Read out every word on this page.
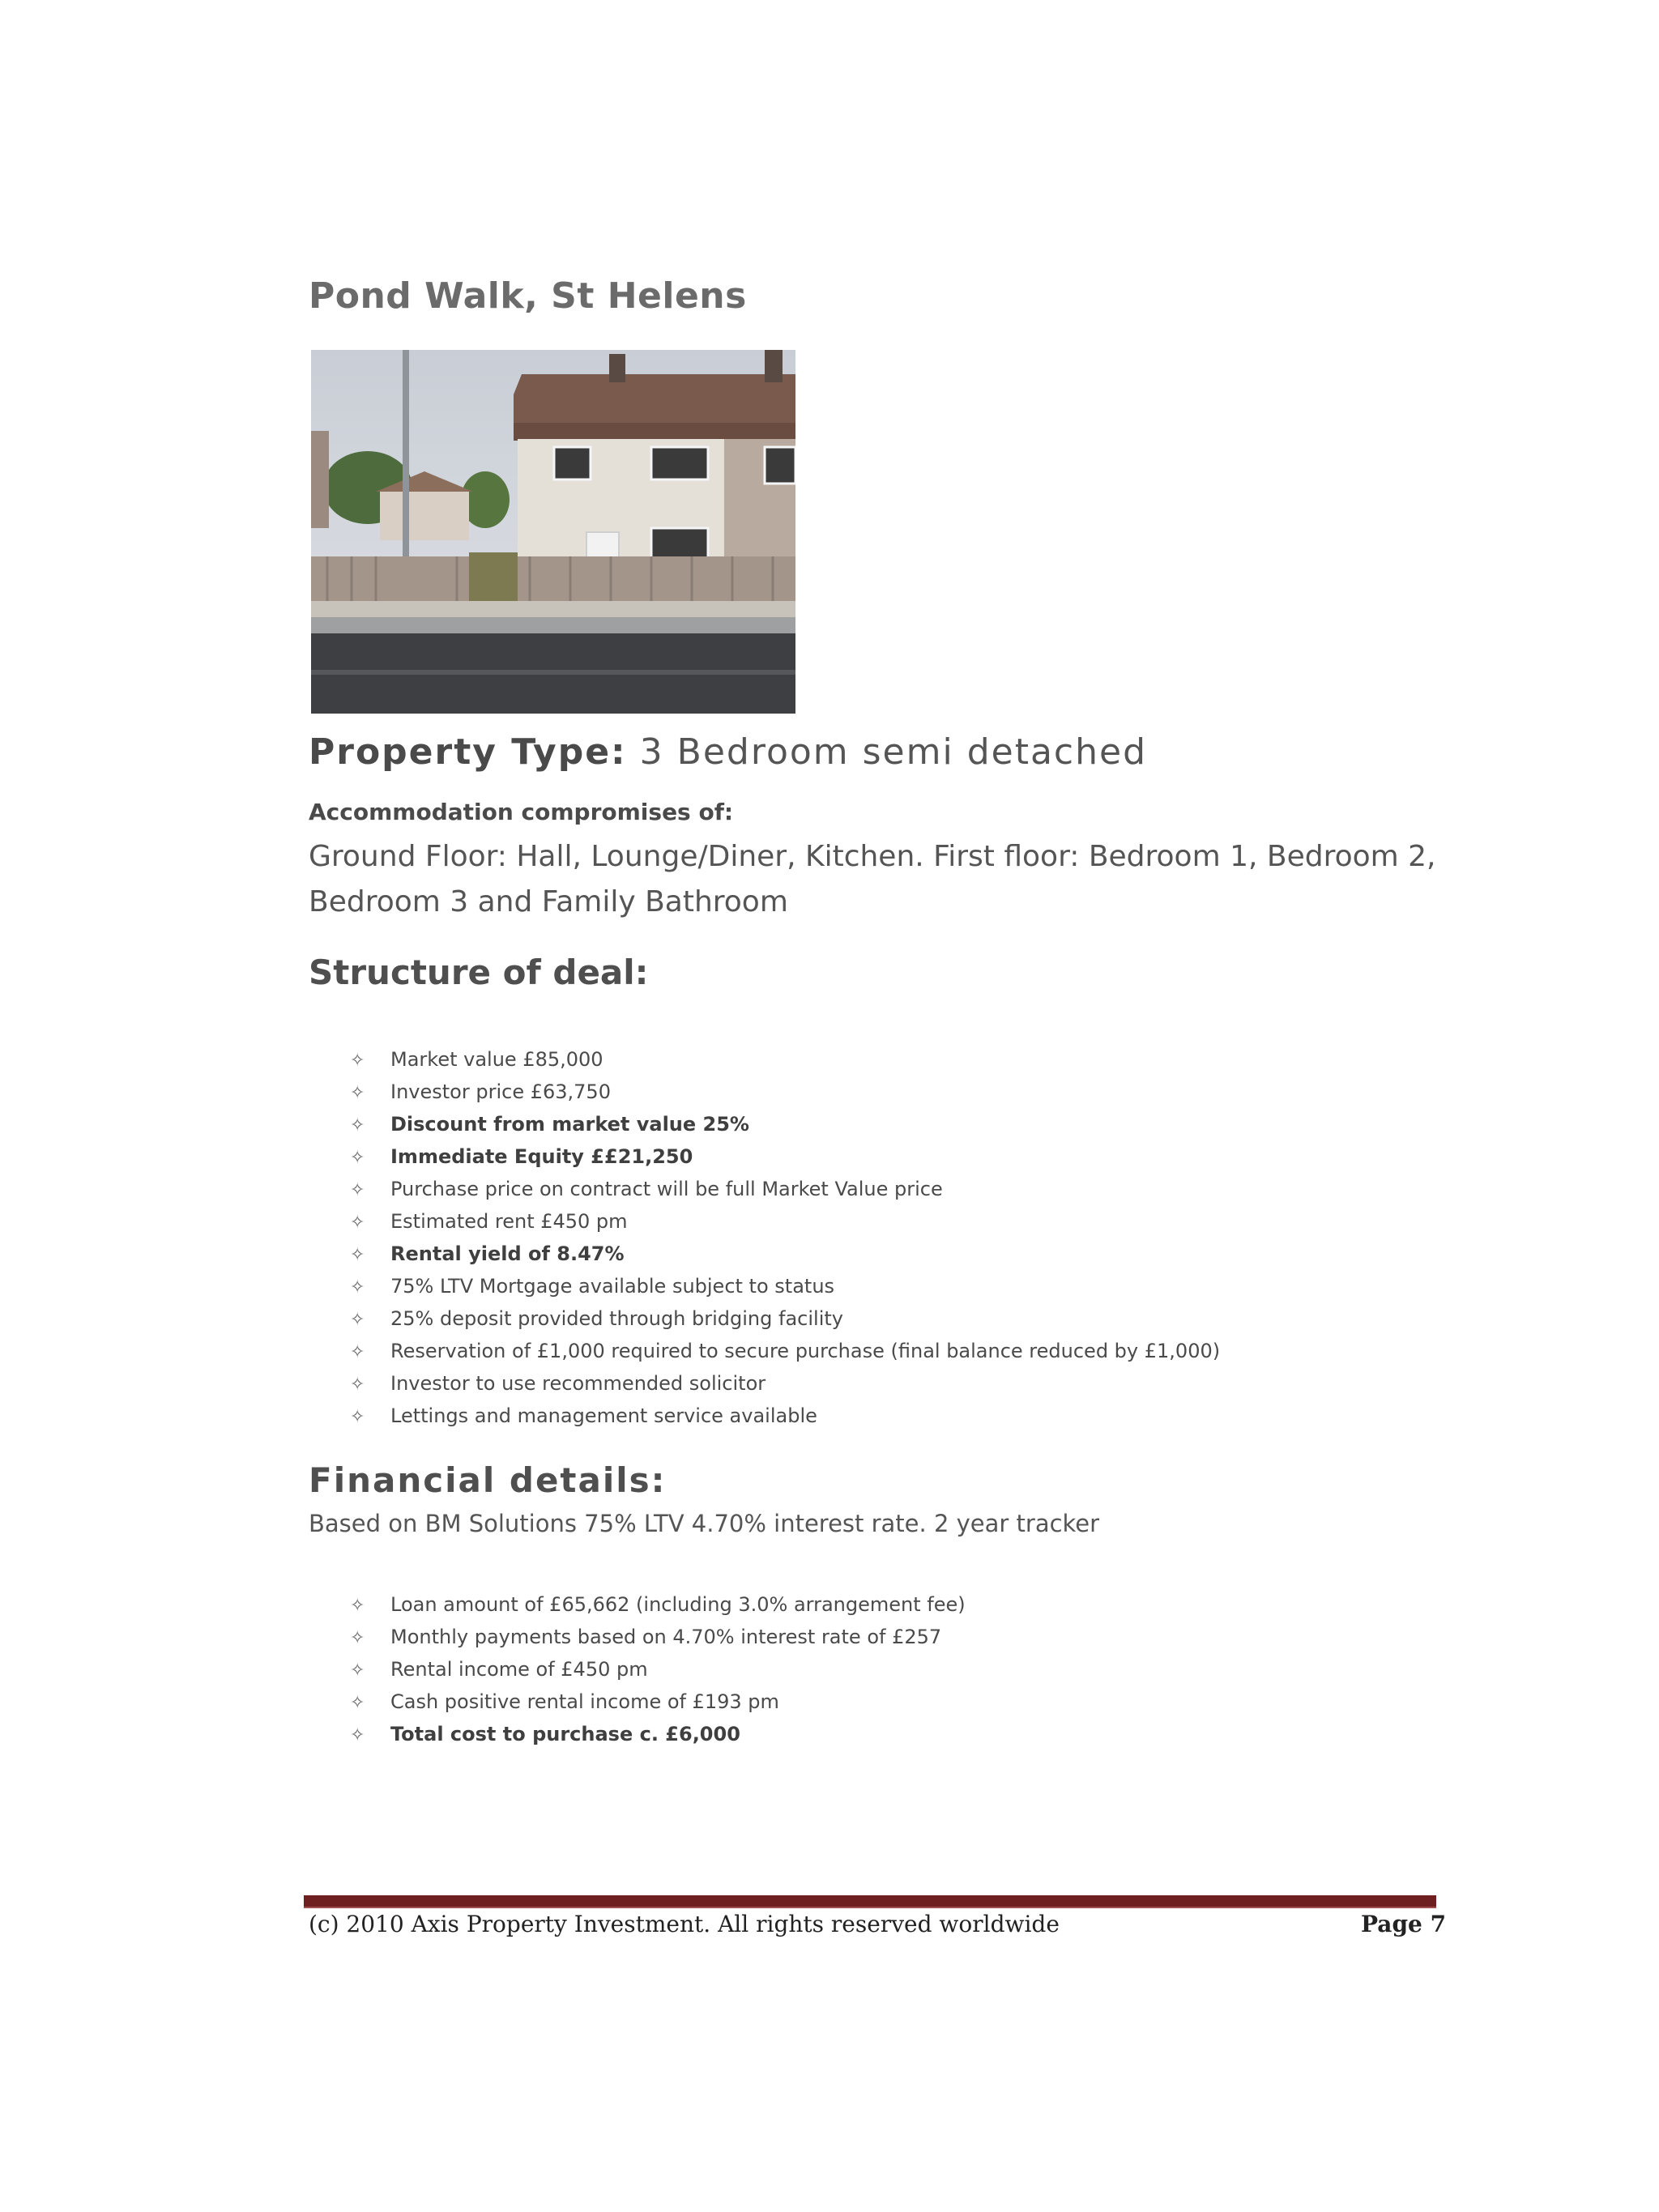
Pond Walk, St Helens
Property Type: 3 Bedroom semi detached
Accommodation compromises of:
Ground Floor: Hall, Lounge/Diner, Kitchen. First floor: Bedroom 1, Bedroom 2, Bedroom 3 and Family Bathroom
Structure of deal:
✧ Market value £85,000
✧ Investor price £63,750
✧ Discount from market value 25%
✧ Immediate Equity ££21,250
✧ Purchase price on contract will be full Market Value price
✧ Estimated rent £450 pm
✧ Rental yield of 8.47%
✧ 75% LTV Mortgage available subject to status
✧ 25% deposit provided through bridging facility
✧ Reservation of £1,000 required to secure purchase (final balance reduced by £1,000)
✧ Investor to use recommended solicitor
✧ Lettings and management service available
Financial details:
Based on BM Solutions 75% LTV 4.70% interest rate. 2 year tracker
✧ Loan amount of £65,662 (including 3.0% arrangement fee)
✧ Monthly payments based on 4.70% interest rate of £257
✧ Rental income of £450 pm
✧ Cash positive rental income of £193 pm
✧ Total cost to purchase c. £6,000
(c) 2010 Axis Property Investment. All rights reserved worldwide	Page 7
